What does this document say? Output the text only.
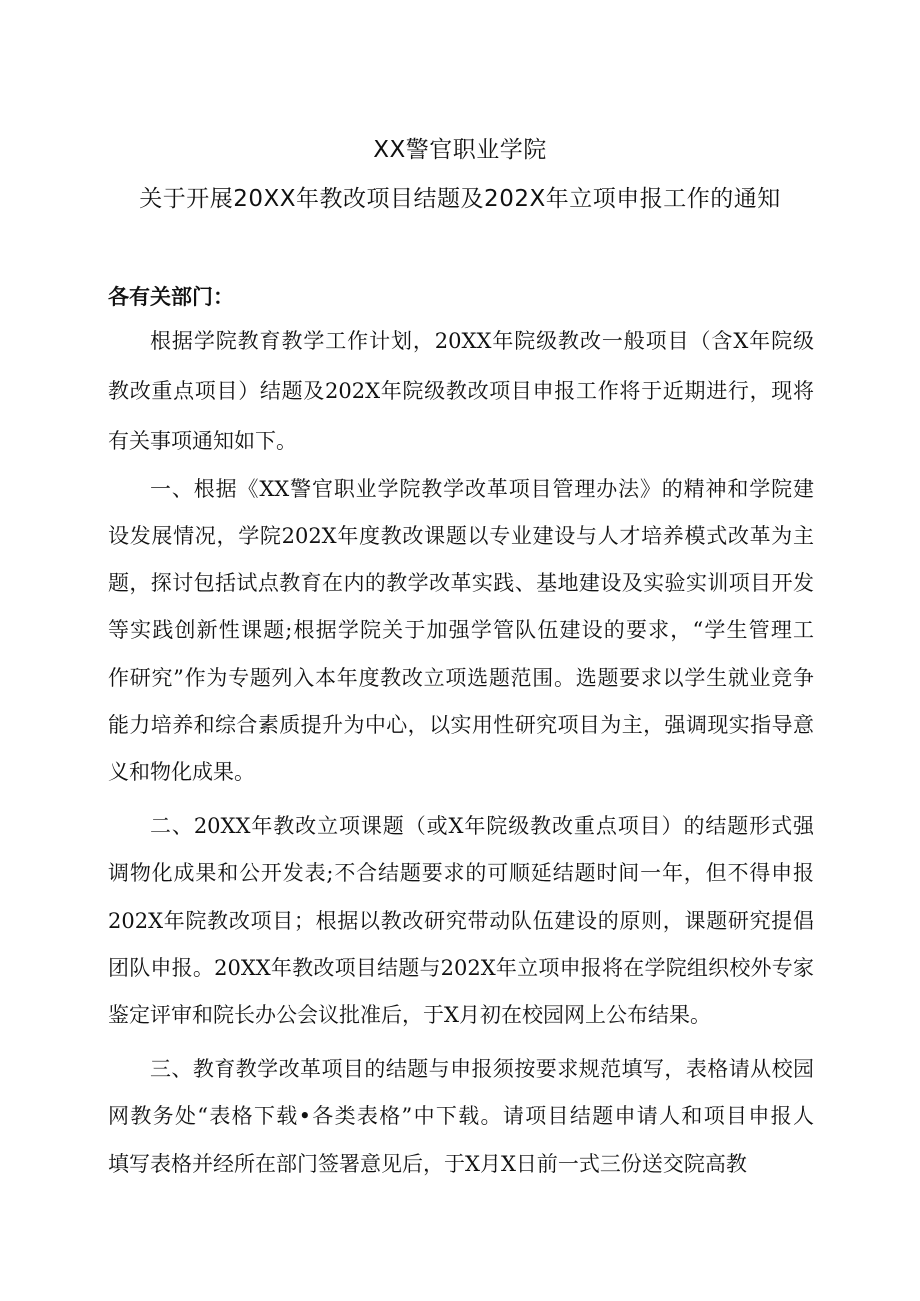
XX警官职业学院
关于开展20XX年教改项目结题及202X年立项申报工作的通知
各有关部门：
根据学院教育教学工作计划，20XX年院级教改一般项目（含X年院级
教改重点项目）结题及202X年院级教改项目申报工作将于近期进行，现将
有关事项通知如下。
一、根据《XX警官职业学院教学改革项目管理办法》的精神和学院建
设发展情况，学院202X年度教改课题以专业建设与人才培养模式改革为主
题，探讨包括试点教育在内的教学改革实践、基地建设及实验实训项目开发
等实践创新性课题;根据学院关于加强学管队伍建设的要求，“学生管理工
作研究”作为专题列入本年度教改立项选题范围。选题要求以学生就业竞争
能力培养和综合素质提升为中心，以实用性研究项目为主，强调现实指导意
义和物化成果。
二、20XX年教改立项课题（或X年院级教改重点项目）的结题形式强
调物化成果和公开发表;不合结题要求的可顺延结题时间一年，但不得申报
202X年院教改项目；根据以教改研究带动队伍建设的原则，课题研究提倡
团队申报。20XX年教改项目结题与202X年立项申报将在学院组织校外专家
鉴定评审和院长办公会议批准后，于X月初在校园网上公布结果。
三、教育教学改革项目的结题与申报须按要求规范填写，表格请从校园
网教务处“表格下载•各类表格”中下载。请项目结题申请人和项目申报人
填写表格并经所在部门签署意见后，于X月X日前一式三份送交院高教
